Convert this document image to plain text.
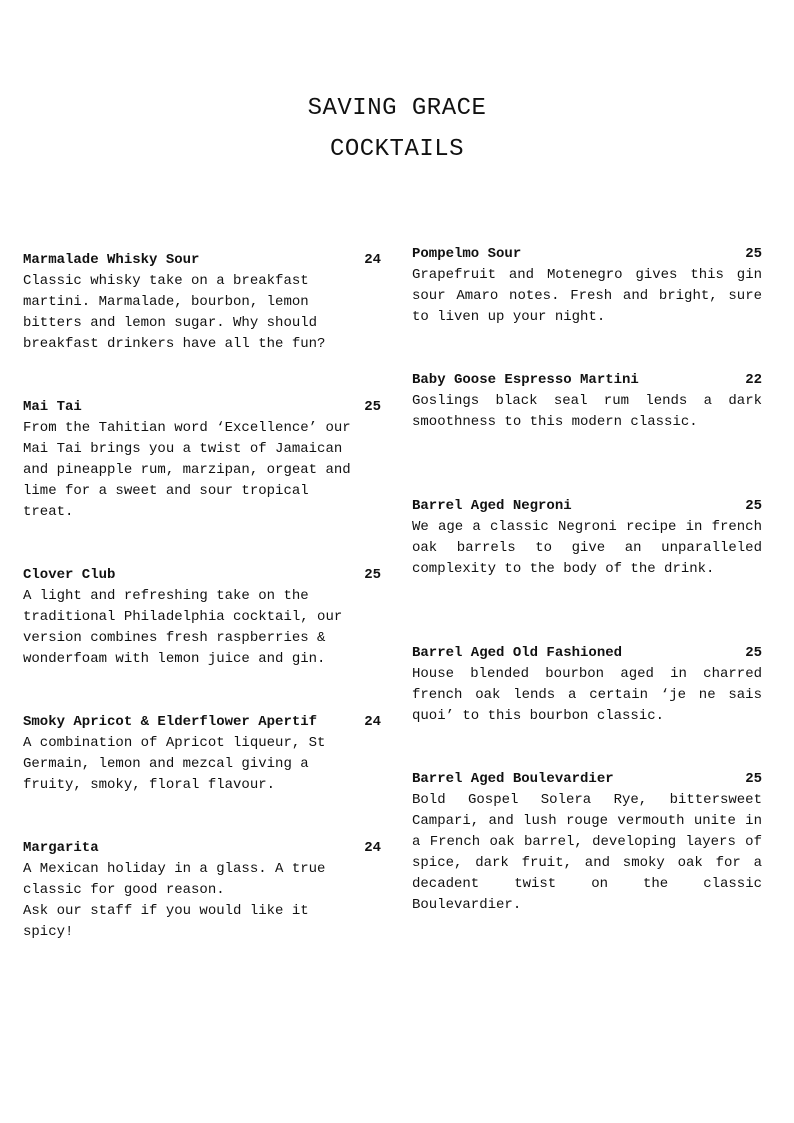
SAVING GRACE
COCKTAILS
Marmalade Whisky Sour	24
Classic whisky take on a breakfast
martini. Marmalade, bourbon, lemon
bitters and lemon sugar. Why should
breakfast drinkers have all the fun?
Mai Tai	25
From the Tahitian word ‘Excellence’ our
Mai Tai brings you a twist of Jamaican
and pineapple rum, marzipan, orgeat and
lime for a sweet and sour tropical
treat.
Clover Club	25
A light and refreshing take on the
traditional Philadelphia cocktail, our
version combines fresh raspberries &
wonderfoam with lemon juice and gin.
Smoky Apricot & Elderflower Apertif	24
A combination of Apricot liqueur, St
Germain, lemon and mezcal giving a
fruity, smoky, floral flavour.
Margarita	24
A Mexican holiday in a glass. A true
classic for good reason.
Ask our staff if you would like it
spicy!
Pompelmo Sour	25
Grapefruit and Motenegro gives this gin sour Amaro notes. Fresh and bright, sure to liven up your night.
Baby Goose Espresso Martini	22
Goslings black seal rum lends a dark smoothness to this modern classic.
Barrel Aged Negroni	25
We age a classic Negroni recipe in french oak barrels to give an unparalleled complexity to the body of the drink.
Barrel Aged Old Fashioned	25
House blended bourbon aged in charred french oak lends a certain ‘je ne sais quoi’ to this bourbon classic.
Barrel Aged Boulevardier	25
Bold Gospel Solera Rye, bittersweet Campari, and lush rouge vermouth unite in a French oak barrel, developing layers of spice, dark fruit, and smoky oak for a decadent twist on the classic Boulevardier.
